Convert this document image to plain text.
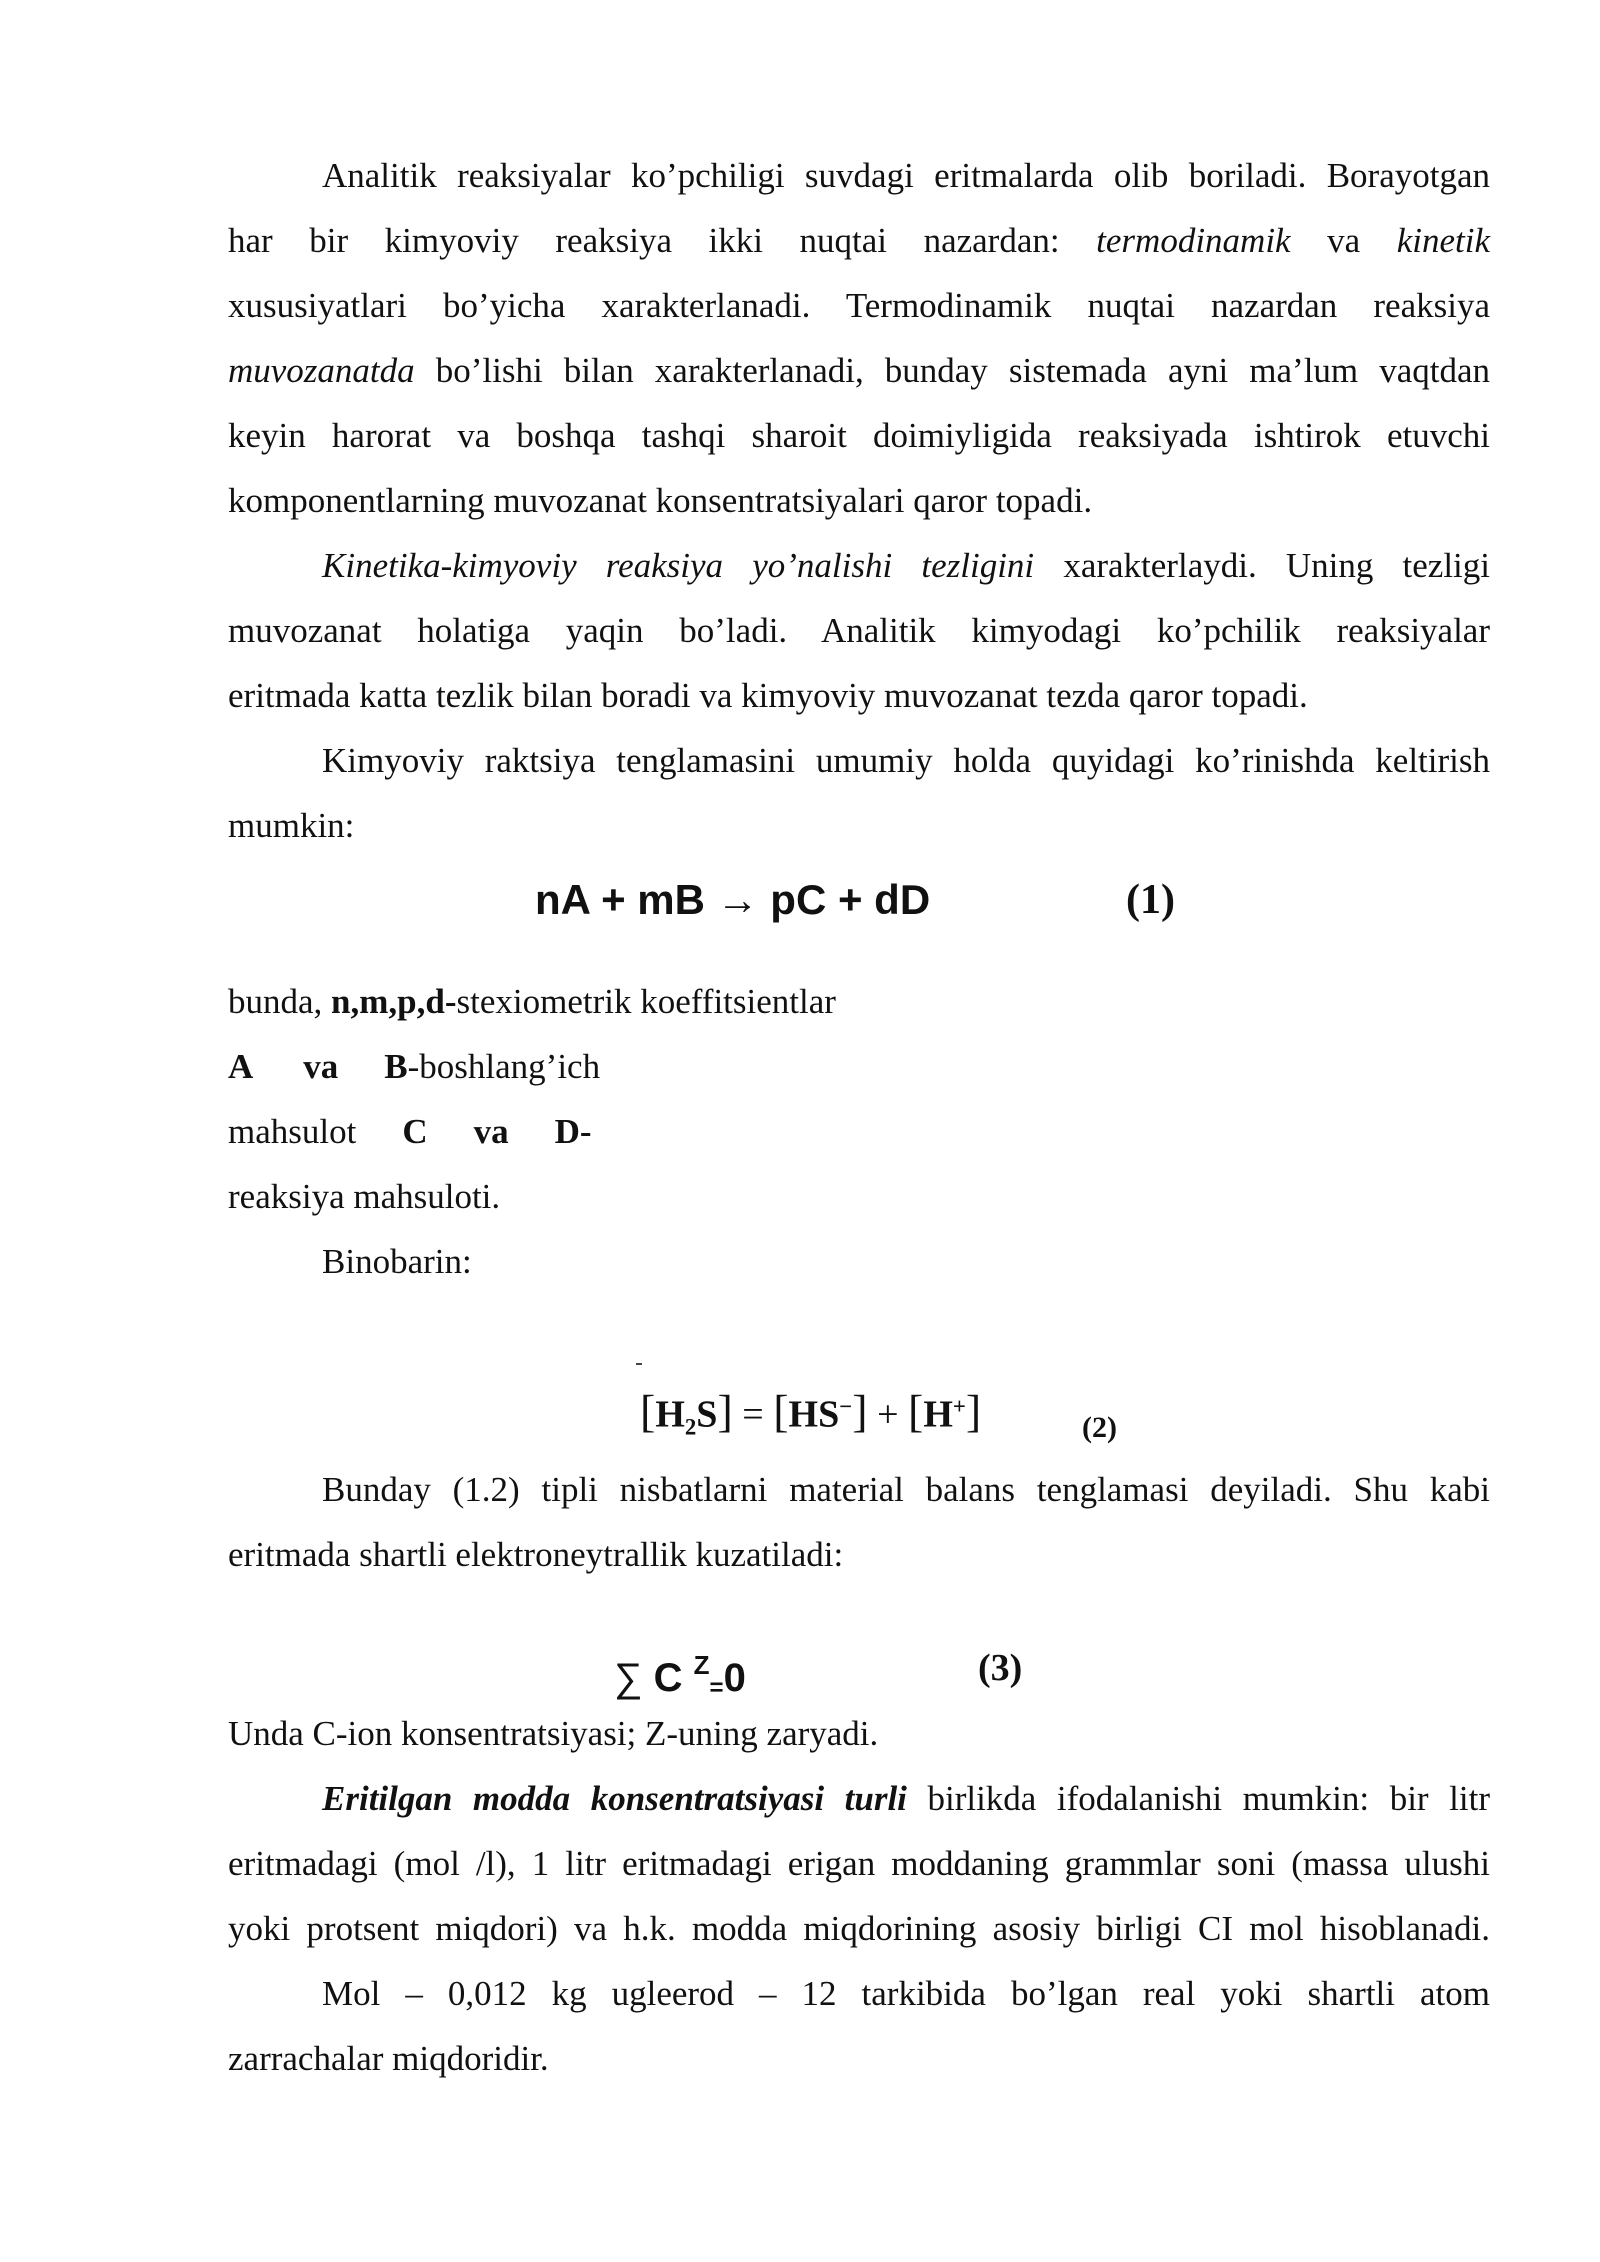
Analitik reaksiyalar ko’pchiligi suvdagi eritmalarda olib boriladi. Borayotgan
har bir kimyoviy reaksiya ikki nuqtai nazardan: termodinamik va kinetik
xususiyatlari bo’yicha xarakterlanadi. Termodinamik nuqtai nazardan reaksiya
muvozanatda bo’lishi bilan xarakterlanadi, bunday sistemada ayni ma’lum vaqtdan
keyin harorat va boshqa tashqi sharoit doimiyligida reaksiyada ishtirok etuvchi
komponentlarning muvozanat konsentratsiyalari qaror topadi.
Kinetika-kimyoviy reaksiya yo’nalishi tezligini xarakterlaydi. Uning tezligi
muvozanat holatiga yaqin bo’ladi. Analitik kimyodagi ko’pchilik reaksiyalar
eritmada katta tezlik bilan boradi va kimyoviy muvozanat tezda qaror topadi.
Kimyoviy raktsiya tenglamasini umumiy holda quyidagi ko’rinishda keltirish
mumkin:
nA + mB → pC + dD	(1)
bunda, n,m,p,d-stexiometrik koeffitsientlar
A va B-boshlang’ich
mahsulot C va D-
reaksiya mahsuloti.
Binobarin:
$[H_2S] = [HS^-] + [H^+]$	(2)
Bunday (1.2) tipli nisbatlarni material balans tenglamasi deyiladi. Shu kabi
eritmada shartli elektroneytrallik kuzatiladi:
∑ C $^Z$=0	(3)
Unda C-ion konsentratsiyasi; Z-uning zaryadi.
Eritilgan modda konsentratsiyasi turli birlikda ifodalanishi mumkin: bir litr
eritmadagi (mol /l), 1 litr eritmadagi erigan moddaning grammlar soni (massa ulushi
yoki protsent miqdori) va h.k. modda miqdorining asosiy birligi CI mol hisoblanadi.
Mol – 0,012 kg ugleerod – 12 tarkibida bo’lgan real yoki shartli atom
zarrachalar miqdoridir.
